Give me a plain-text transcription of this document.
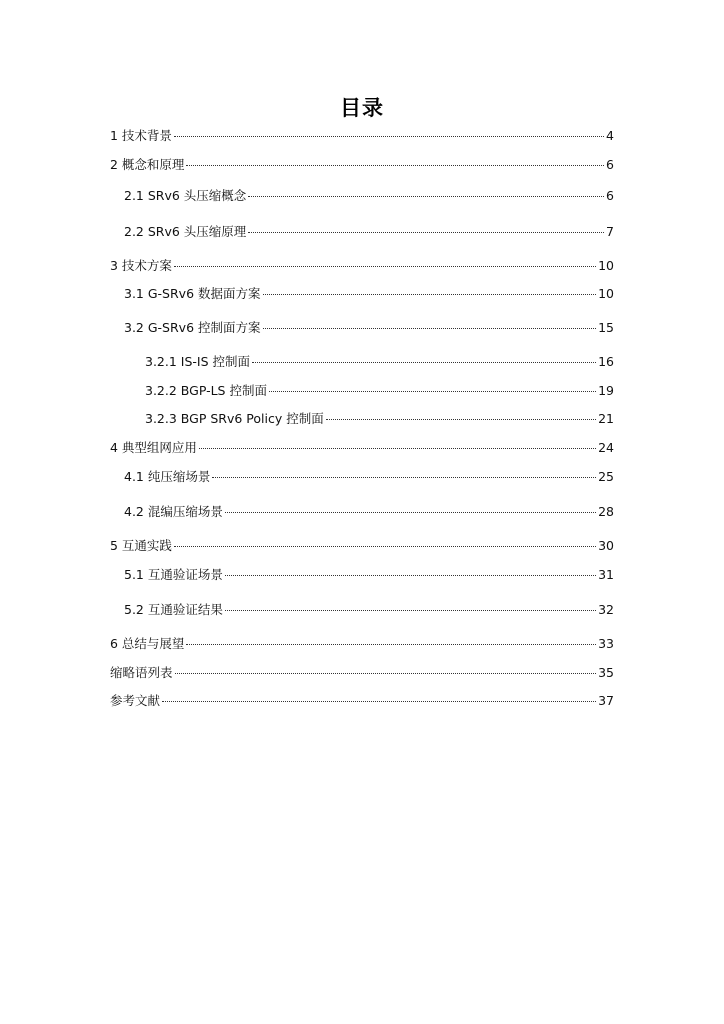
目录
1 技术背景	4
2 概念和原理	6
2.1 SRv6 头压缩概念	6
2.2 SRv6 头压缩原理	7
3 技术方案	10
3.1 G-SRv6 数据面方案	10
3.2 G-SRv6 控制面方案	15
3.2.1 IS-IS 控制面	16
3.2.2 BGP-LS 控制面	19
3.2.3 BGP SRv6 Policy 控制面	21
4 典型组网应用	24
4.1 纯压缩场景	25
4.2 混编压缩场景	28
5 互通实践	30
5.1 互通验证场景	31
5.2 互通验证结果	32
6 总结与展望	33
缩略语列表	35
参考文献	37
